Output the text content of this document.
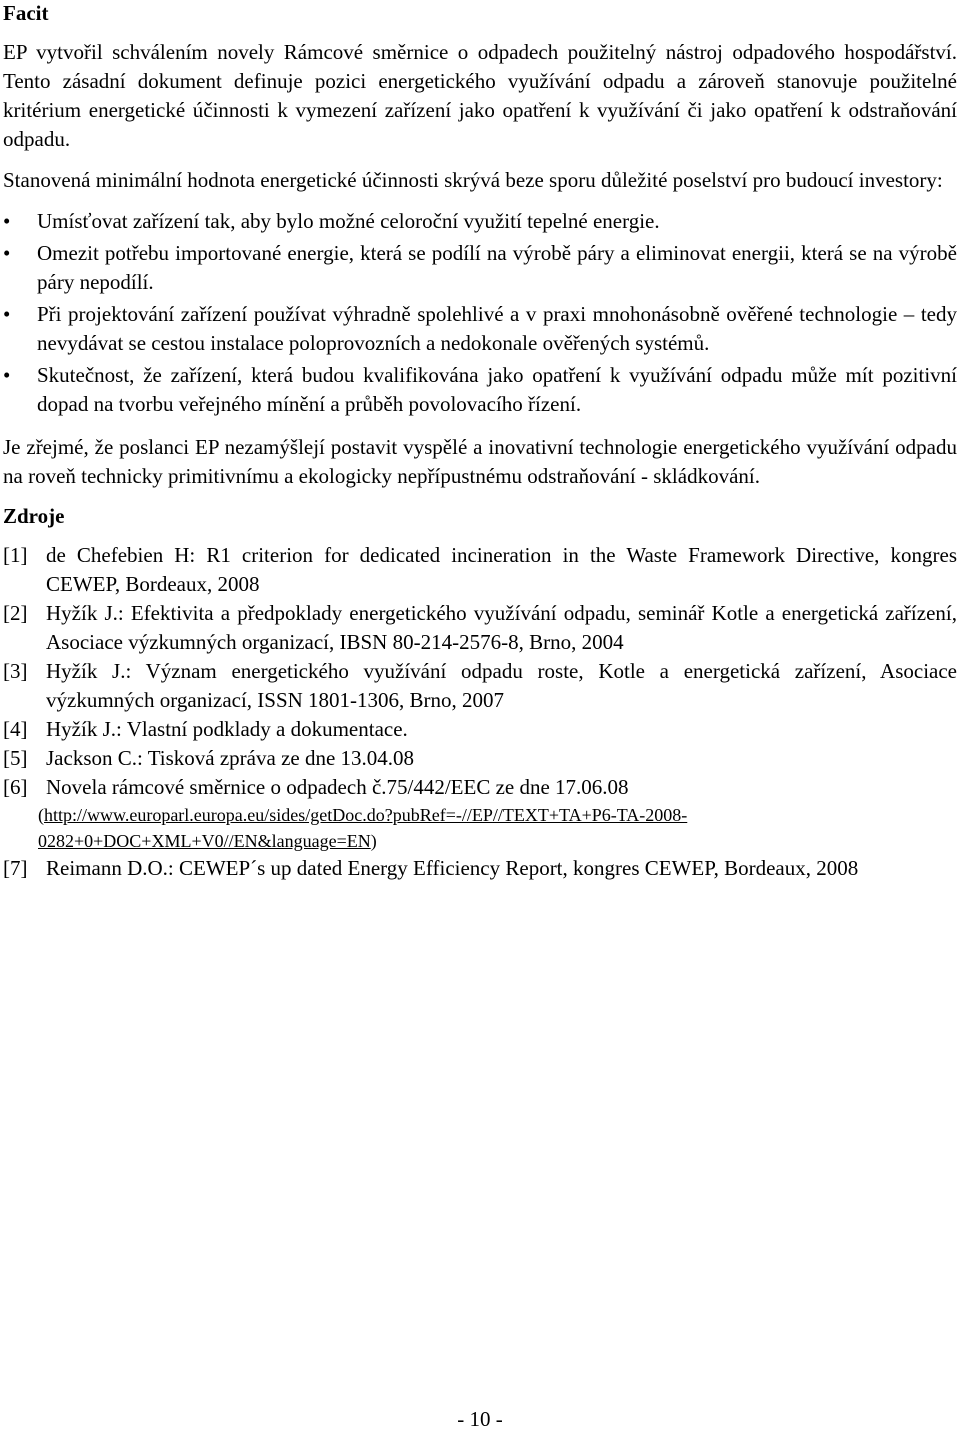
Facit

EP vytvořil schválením novely Rámcové směrnice o odpadech použitelný nástroj odpadového hospodářství. Tento zásadní dokument definuje pozici energetického využívání odpadu a zároveň stanovuje použitelné kritérium energetické účinnosti k vymezení zařízení jako opatření k využívání či jako opatření k odstraňování odpadu.

Stanovená minimální hodnota energetické účinnosti skrývá beze sporu důležité poselství pro budoucí investory:

•	Umísťovat zařízení tak, aby bylo možné celoroční využití tepelné energie.
•	Omezit potřebu importované energie, která se podílí na výrobě páry a eliminovat energii, která se na výrobě páry nepodílí.
•	Při projektování zařízení používat výhradně spolehlivé a v praxi mnohonásobně ověřené technologie – tedy nevydávat se cestou instalace poloprovozních a nedokonale ověřených systémů.
•	Skutečnost, že zařízení, která budou kvalifikována jako opatření k využívání odpadu může mít pozitivní dopad na tvorbu veřejného mínění a průběh povolovacího řízení.

Je zřejmé, že poslanci EP nezamýšlejí postavit vyspělé a inovativní technologie energetického využívání odpadu na roveň technicky primitivnímu a ekologicky nepřípustnému odstraňování - skládkování.

Zdroje
[1] de Chefebien H: R1 criterion for dedicated incineration in the Waste Framework Directive, kongres CEWEP, Bordeaux, 2008
[2] Hyžík J.: Efektivita a předpoklady energetického využívání odpadu, seminář Kotle a energetická zařízení, Asociace výzkumných organizací, IBSN 80-214-2576-8, Brno, 2004
[3] Hyžík J.: Význam energetického využívání odpadu roste, Kotle a energetická zařízení, Asociace výzkumných organizací, ISSN 1801-1306, Brno, 2007
[4] Hyžík J.: Vlastní podklady a dokumentace.
[5] Jackson C.: Tisková zpráva ze dne 13.04.08
[6] Novela rámcové směrnice o odpadech č.75/442/EEC ze dne 17.06.08
(http://www.europarl.europa.eu/sides/getDoc.do?pubRef=-//EP//TEXT+TA+P6-TA-2008-0282+0+DOC+XML+V0//EN&language=EN)
[7] Reimann D.O.: CEWEP´s up dated Energy Efficiency Report, kongres CEWEP, Bordeaux, 2008
- 10 -
